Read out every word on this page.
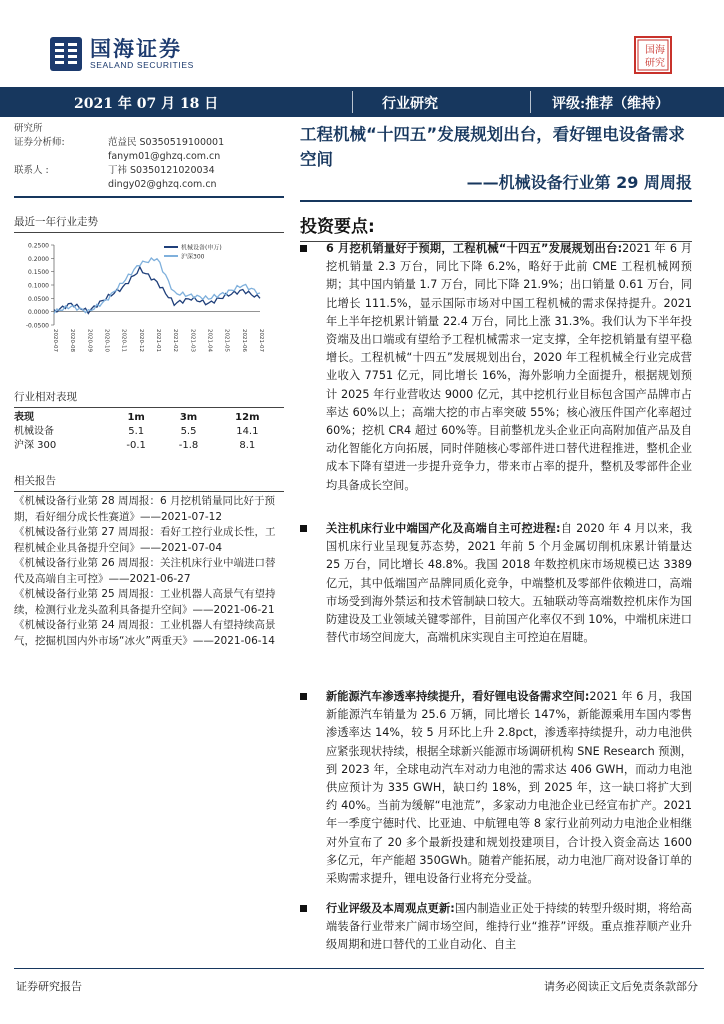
国海证券
SEALAND SECURITIES
国 海
研 究
2021 年 07 月 18 日	行业研究	评级:推荐（维持）
研究所
证券分析师:	范益民 S0350519100001
fanym01@ghzq.com.cn
联系人 :	丁祎 S0350121020034
dingy02@ghzq.com.cn
最近一年行业走势
0.2500
0.2000
0.1500
0.1000
0.0500
0.0000
-0.0500
2020-07 2020-08 2020-09 2020-10 2020-11 2020-12 2021-01 2021-02 2021-03 2021-04 2021-05 2021-06 2021-07
机械设备(申万)
沪深300
行业相对表现
表现	1m	3m	12m
机械设备	5.1	5.5	14.1
沪深 300	-0.1	-1.8	8.1
相关报告
《机械设备行业第 28 周周报：6 月挖机销量同比好于预期，看好细分成长性赛道》——2021-07-12
《机械设备行业第 27 周周报：看好工控行业成长性，工程机械企业具备提升空间》——2021-07-04
《机械设备行业第 26 周周报：关注机床行业中端进口替代及高端自主可控》——2021-06-27
《机械设备行业第 25 周周报：工业机器人高景气有望持续，检测行业龙头盈利具备提升空间》——2021-06-21
《机械设备行业第 24 周周报：工业机器人有望持续高景气，挖掘机国内外市场“冰火”两重天》——2021-06-14
工程机械“十四五”发展规划出台，看好锂电设备需求空间
——机械设备行业第 29 周周报
投资要点:
6 月挖机销量好于预期，工程机械“十四五”发展规划出台:2021 年 6 月挖机销量 2.3 万台，同比下降 6.2%，略好于此前 CME 工程机械网预期；其中国内销量 1.7 万台，同比下降 21.9%；出口销量 0.61 万台，同比增长 111.5%，显示国际市场对中国工程机械的需求保持提升。2021 年上半年挖机累计销量 22.4 万台，同比上涨 31.3%。我们认为下半年投资端及出口端或有望给予工程机械需求一定支撑，全年挖机销量有望平稳增长。工程机械“十四五”发展规划出台，2020 年工程机械全行业完成营业收入 7751 亿元，同比增长 16%，海外影响力全面提升，根据规划预计 2025 年行业营收达 9000 亿元，其中挖机行业目标包含国产品牌市占率达 60%以上；高端大挖的市占率突破 55%；核心液压件国产化率超过 60%；挖机 CR4 超过 60%等。目前整机龙头企业正向高附加值产品及自动化智能化方向拓展，同时伴随核心零部件进口替代进程推进，整机企业成本下降有望进一步提升竞争力，带来市占率的提升，整机及零部件企业均具备成长空间。
关注机床行业中端国产化及高端自主可控进程:自 2020 年 4 月以来，我国机床行业呈现复苏态势，2021 年前 5 个月金属切削机床累计销量达 25 万台，同比增长 48.8%。我国 2018 年数控机床市场规模已达 3389 亿元，其中低端国产品牌同质化竞争，中端整机及零部件依赖进口，高端市场受到海外禁运和技术管制缺口较大。五轴联动等高端数控机床作为国防建设及工业领域关键零部件，目前国产化率仅不到 10%，中端机床进口替代市场空间庞大，高端机床实现自主可控迫在眉睫。
新能源汽车渗透率持续提升，看好锂电设备需求空间:2021 年 6 月，我国新能源汽车销量为 25.6 万辆，同比增长 147%，新能源乘用车国内零售渗透率达 14%，较 5 月环比上升 2.8pct，渗透率持续提升，动力电池供应紧张现状持续，根据全球新兴能源市场调研机构 SNE Research 预测，到 2023 年，全球电动汽车对动力电池的需求达 406 GWH，而动力电池供应预计为 335 GWH，缺口约 18%，到 2025 年，这一缺口将扩大到约 40%。当前为缓解“电池荒”，多家动力电池企业已经宣布扩产。2021 年一季度宁德时代、比亚迪、中航锂电等 8 家行业前列动力电池企业相继对外宣布了 20 多个最新投建和规划投建项目，合计投入资金高达 1600 多亿元，年产能超 350GWh。随着产能拓展，动力电池厂商对设备订单的采购需求提升，锂电设备行业将充分受益。
行业评级及本周观点更新:国内制造业正处于持续的转型升级时期，将给高端装备行业带来广阔市场空间，维持行业“推荐”评级。重点推荐顺产业升级周期和进口替代的工业自动化、自主
证券研究报告	请务必阅读正文后免责条款部分
